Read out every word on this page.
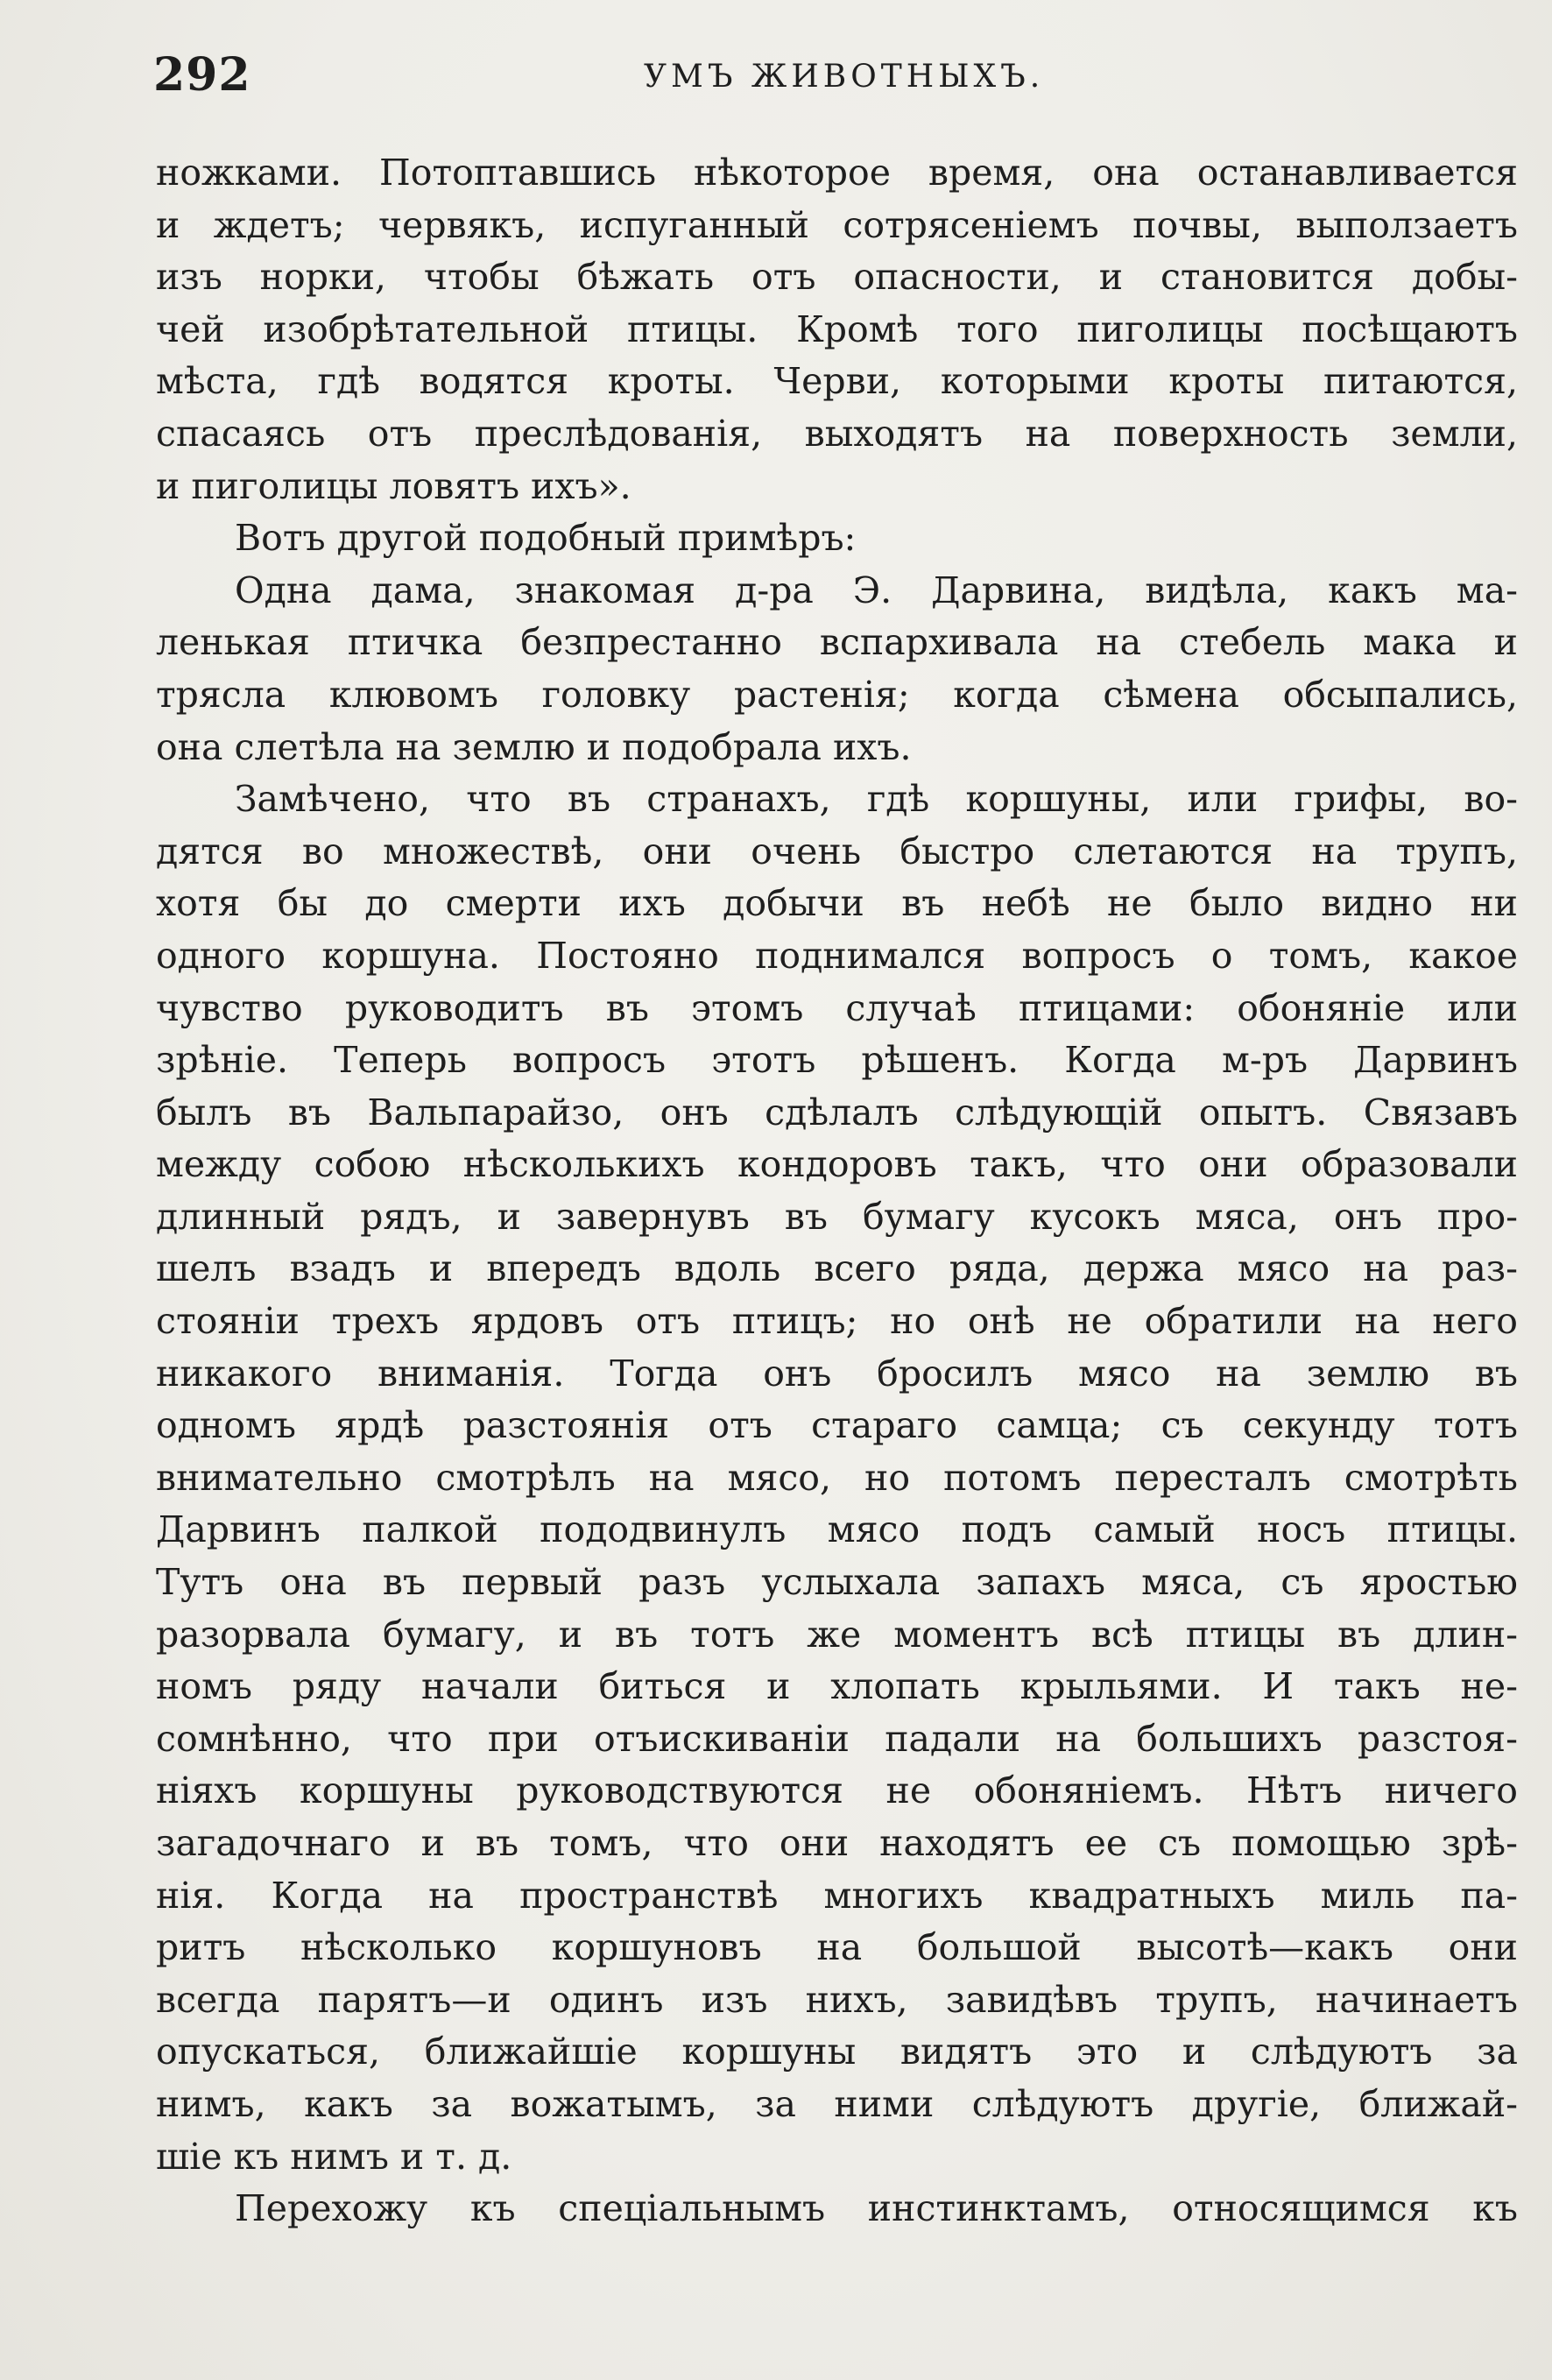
292	УМЪ ЖИВОТНЫХЪ.
ножками. Потоптавшись нѣкоторое время, она останавливается
и ждетъ; червякъ, испуганный сотрясеніемъ почвы, выползаетъ
изъ норки, чтобы бѣжать отъ опасности, и становится добы-
чей изобрѣтательной птицы. Кромѣ того пиголицы посѣщаютъ
мѣста, гдѣ водятся кроты. Черви, которыми кроты питаются,
спасаясь отъ преслѣдованія, выходятъ на поверхность земли,
и пиголицы ловятъ ихъ».
Вотъ другой подобный примѣръ:
Одна дама, знакомая д-ра Э. Дарвина, видѣла, какъ ма-
ленькая птичка безпрестанно вспархивала на стебель мака и
трясла клювомъ головку растенія; когда сѣмена обсыпались,
она слетѣла на землю и подобрала ихъ.
Замѣчено, что въ странахъ, гдѣ коршуны, или грифы, во-
дятся во множествѣ, они очень быстро слетаются на трупъ,
хотя бы до смерти ихъ добычи въ небѣ не было видно ни
одного коршуна. Постояно поднимался вопросъ о томъ, какое
чувство руководитъ въ этомъ случаѣ птицами: обоняніе или
зрѣніе. Теперь вопросъ этотъ рѣшенъ. Когда м-ръ Дарвинъ
былъ въ Вальпарайзо, онъ сдѣлалъ слѣдующій опытъ. Связавъ
между собою нѣсколькихъ кондоровъ такъ, что они образовали
длинный рядъ, и завернувъ въ бумагу кусокъ мяса, онъ про-
шелъ взадъ и впередъ вдоль всего ряда, держа мясо на раз-
стояніи трехъ ярдовъ отъ птицъ; но онѣ не обратили на него
никакого вниманія. Тогда онъ бросилъ мясо на землю въ
одномъ ярдѣ разстоянія отъ стараго самца; съ секунду тотъ
внимательно смотрѣлъ на мясо, но потомъ пересталъ смотрѣть
Дарвинъ палкой пододвинулъ мясо подъ самый носъ птицы.
Тутъ она въ первый разъ услыхала запахъ мяса, съ яростью
разорвала бумагу, и въ тотъ же моментъ всѣ птицы въ длин-
номъ ряду начали биться и хлопать крыльями. И такъ не-
сомнѣнно, что при отъискиваніи падали на большихъ разстоя-
ніяхъ коршуны руководствуются не обоняніемъ. Нѣтъ ничего
загадочнаго и въ томъ, что они находятъ ее съ помощью зрѣ-
нія. Когда на пространствѣ многихъ квадратныхъ миль па-
ритъ нѣсколько коршуновъ на большой высотѣ—какъ они
всегда парятъ—и одинъ изъ нихъ, завидѣвъ трупъ, начинаетъ
опускаться, ближайшіе коршуны видятъ это и слѣдуютъ за
нимъ, какъ за вожатымъ, за ними слѣдуютъ другіе, ближай-
шіе къ нимъ и т. д.
Перехожу къ спеціальнымъ инстинктамъ, относящимся къ
